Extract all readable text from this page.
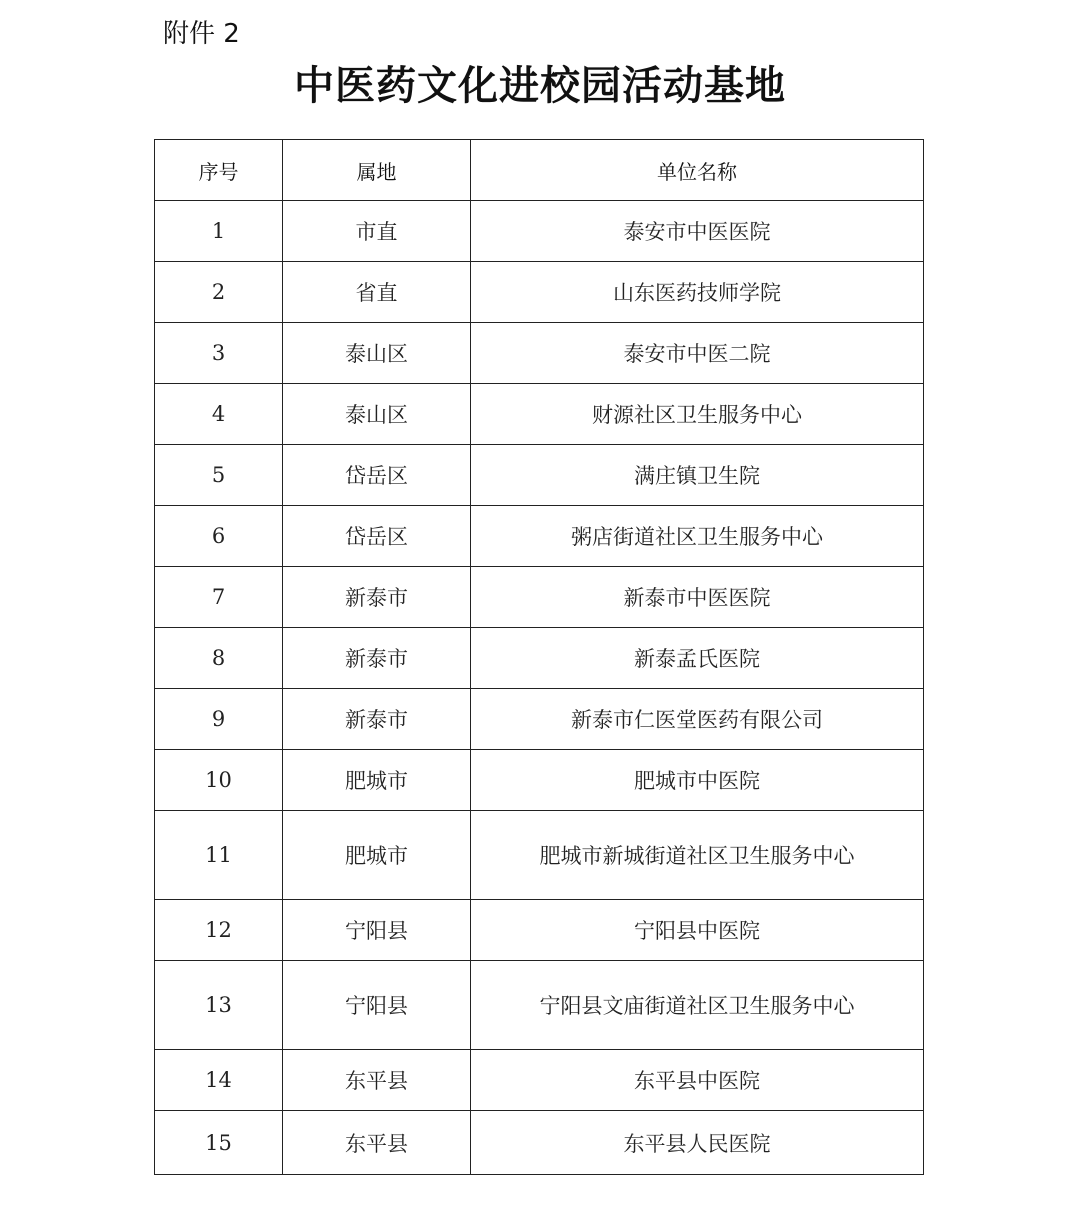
附件 2
中医药文化进校园活动基地
序号	属地	单位名称
1	市直	泰安市中医医院
2	省直	山东医药技师学院
3	泰山区	泰安市中医二院
4	泰山区	财源社区卫生服务中心
5	岱岳区	满庄镇卫生院
6	岱岳区	粥店街道社区卫生服务中心
7	新泰市	新泰市中医医院
8	新泰市	新泰孟氏医院
9	新泰市	新泰市仁医堂医药有限公司
10	肥城市	肥城市中医院
11	肥城市	肥城市新城街道社区卫生服务中心
12	宁阳县	宁阳县中医院
13	宁阳县	宁阳县文庙街道社区卫生服务中心
14	东平县	东平县中医院
15	东平县	东平县人民医院
